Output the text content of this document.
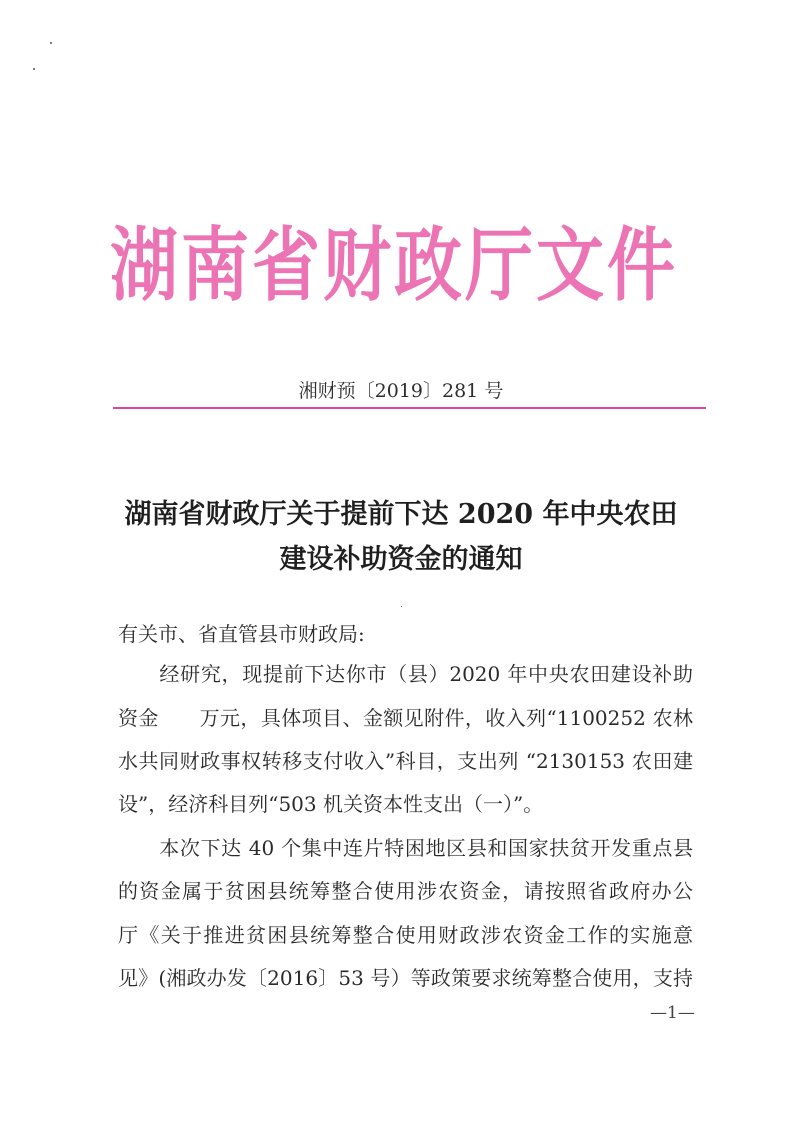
湖南省财政厅文件
湘财预〔2019〕281 号
湖南省财政厅关于提前下达 2020 年中央农田
建设补助资金的通知
有关市、省直管县市财政局:
　　经研究，现提前下达你市（县）2020 年中央农田建设补助
资金　　万元，具体项目、金额见附件，收入列“1100252 农林
水共同财政事权转移支付收入”科目，支出列 “2130153 农田建
设”，经济科目列“503 机关资本性支出（一）”。
　　本次下达 40 个集中连片特困地区县和国家扶贫开发重点县
的资金属于贫困县统筹整合使用涉农资金，请按照省政府办公
厅《关于推进贫困县统筹整合使用财政涉农资金工作的实施意
见》(湘政办发〔2016〕53 号）等政策要求统筹整合使用，支持
—1—
